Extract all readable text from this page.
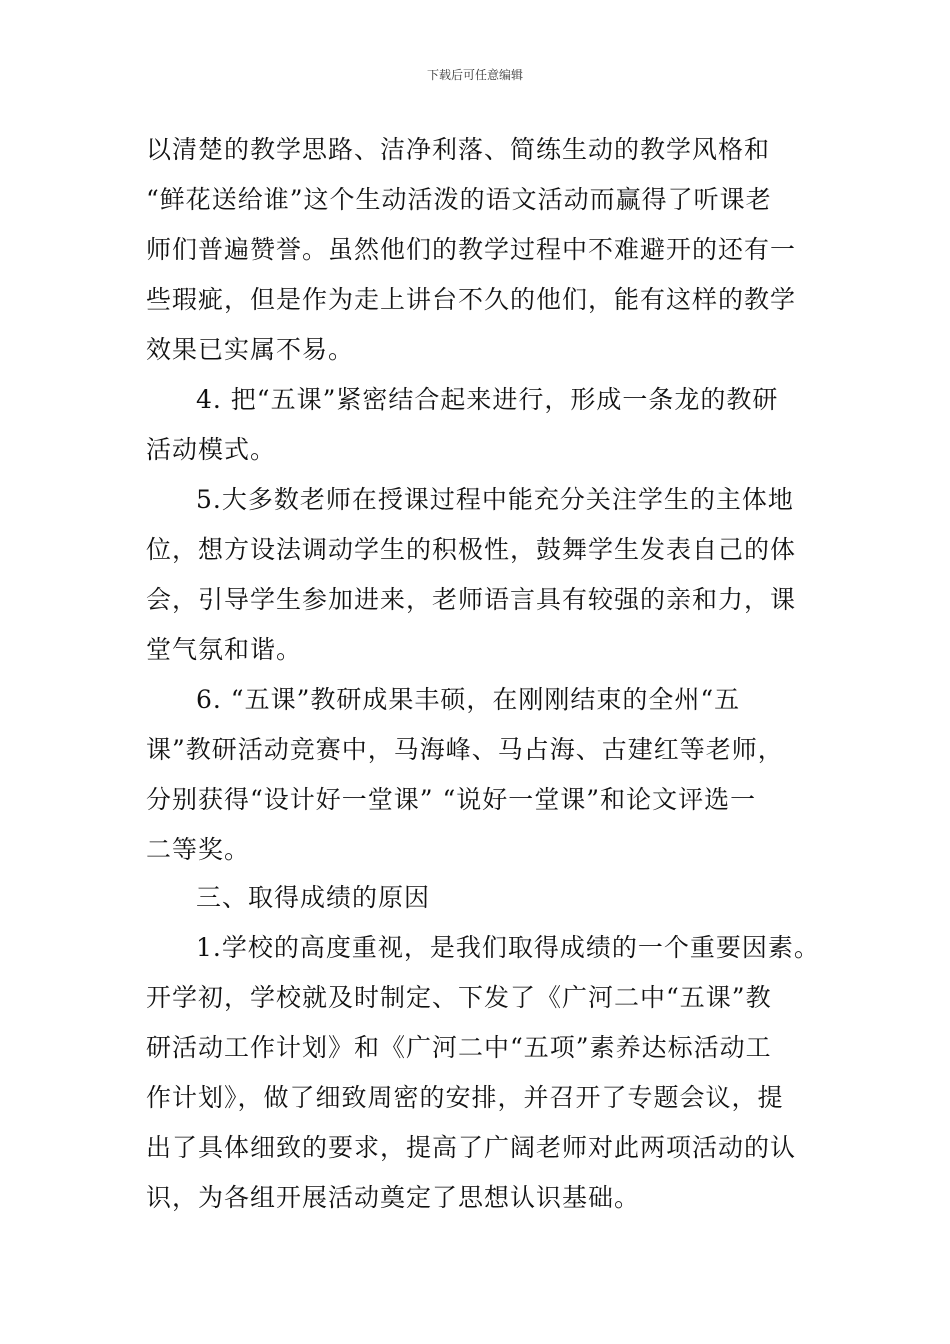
下载后可任意编辑

以清楚的教学思路、洁净利落、简练生动的教学风格和

“鲜花送给谁”这个生动活泼的语文活动而赢得了听课老

师们普遍赞誉。虽然他们的教学过程中不难避开的还有一

些瑕疵，但是作为走上讲台不久的他们，能有这样的教学

效果已实属不易。

4. 把“五课”紧密结合起来进行，形成一条龙的教研

活动模式。

5.大多数老师在授课过程中能充分关注学生的主体地

位，想方设法调动学生的积极性，鼓舞学生发表自己的体

会，引导学生参加进来，老师语言具有较强的亲和力，课

堂气氛和谐。

6. “五课”教研成果丰硕，在刚刚结束的全州“五

课”教研活动竞赛中，马海峰、马占海、古建红等老师，

分别获得“设计好一堂课” “说好一堂课”和论文评选一

二等奖。

三、取得成绩的原因

1.学校的高度重视，是我们取得成绩的一个重要因素。

开学初，学校就及时制定、下发了《广河二中“五课”教

研活动工作计划》和《广河二中“五项”素养达标活动工

作计划》，做了细致周密的安排，并召开了专题会议，提

出了具体细致的要求，提高了广阔老师对此两项活动的认

识，为各组开展活动奠定了思想认识基础。
